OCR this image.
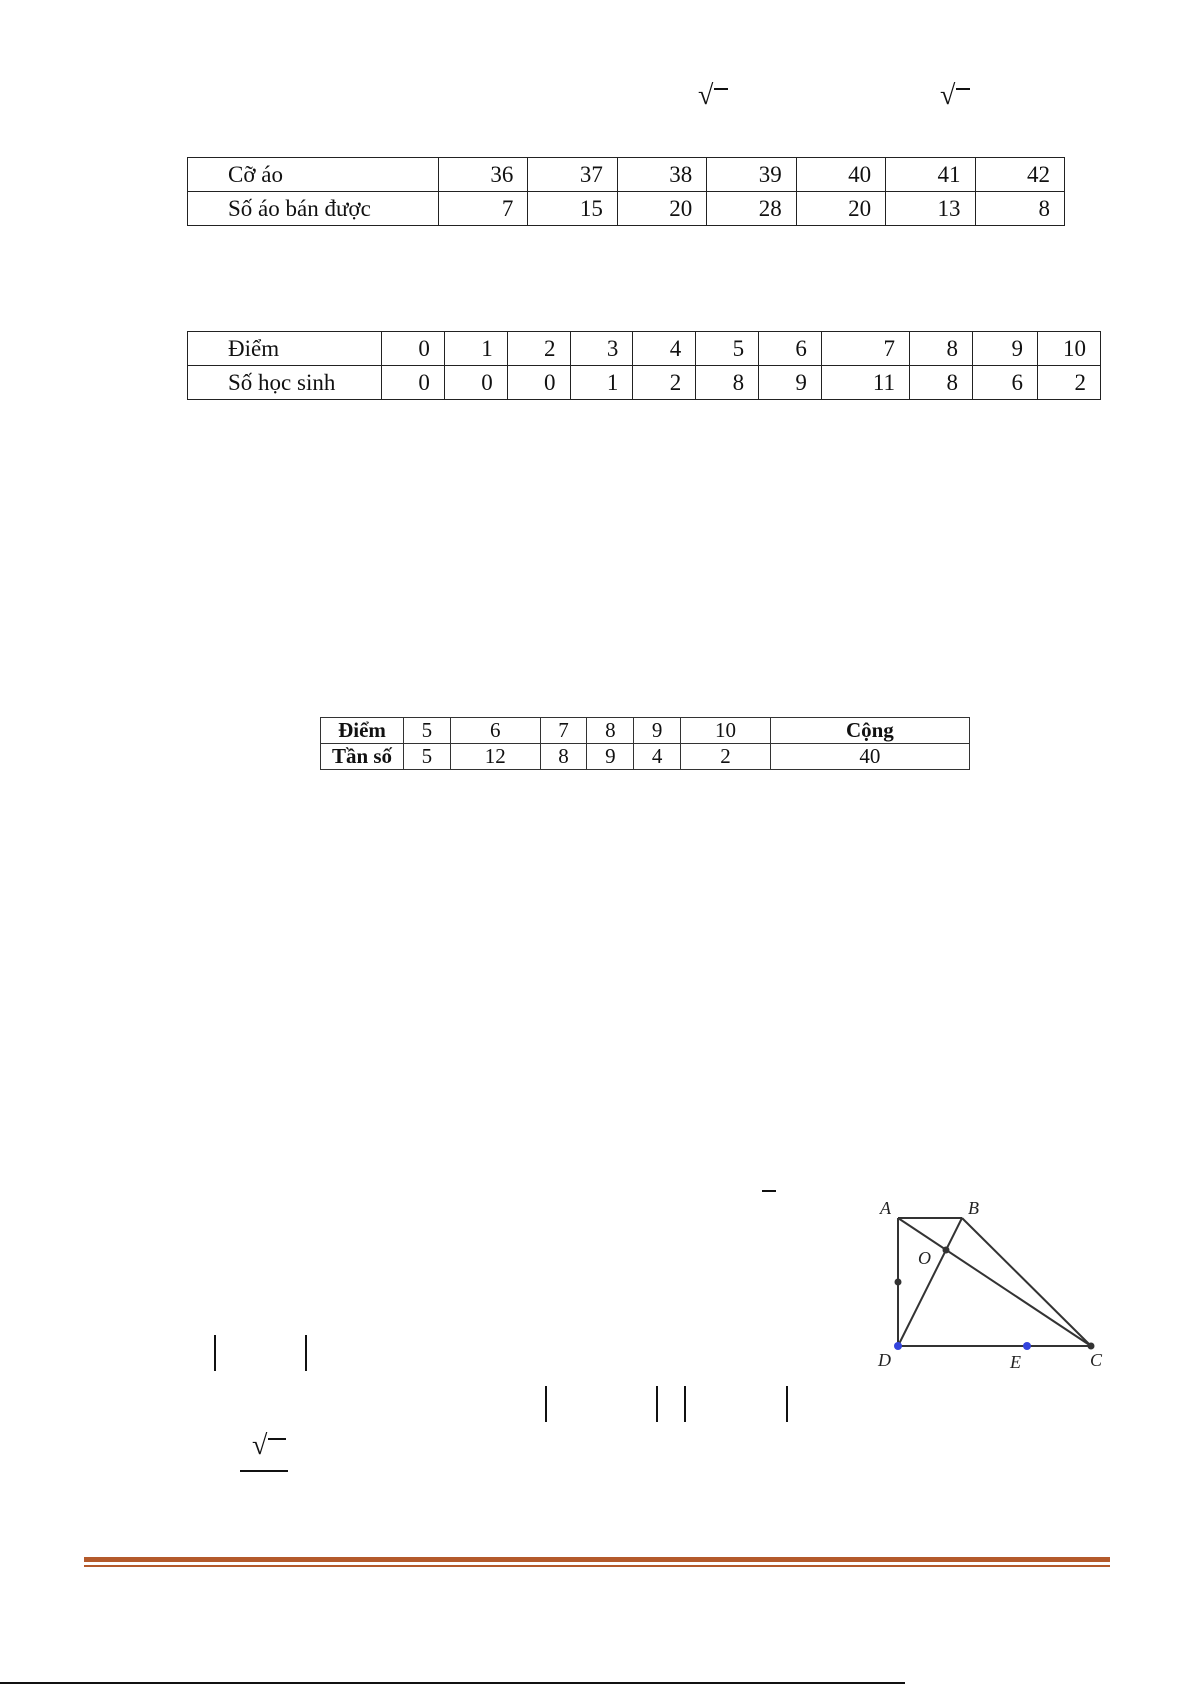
√	√
Cỡ áo	36	37	38	39	40	41	42
Số áo bán được	7	15	20	28	20	13	8
Điểm	0	1	2	3	4	5	6	7	8	9	10
Số học sinh	0	0	0	1	2	8	9	11	8	6	2
Điểm	5	6	7	8	9	10	Cộng
Tần số	5	12	8	9	4	2	40
√
A	B
O
D	E	C
